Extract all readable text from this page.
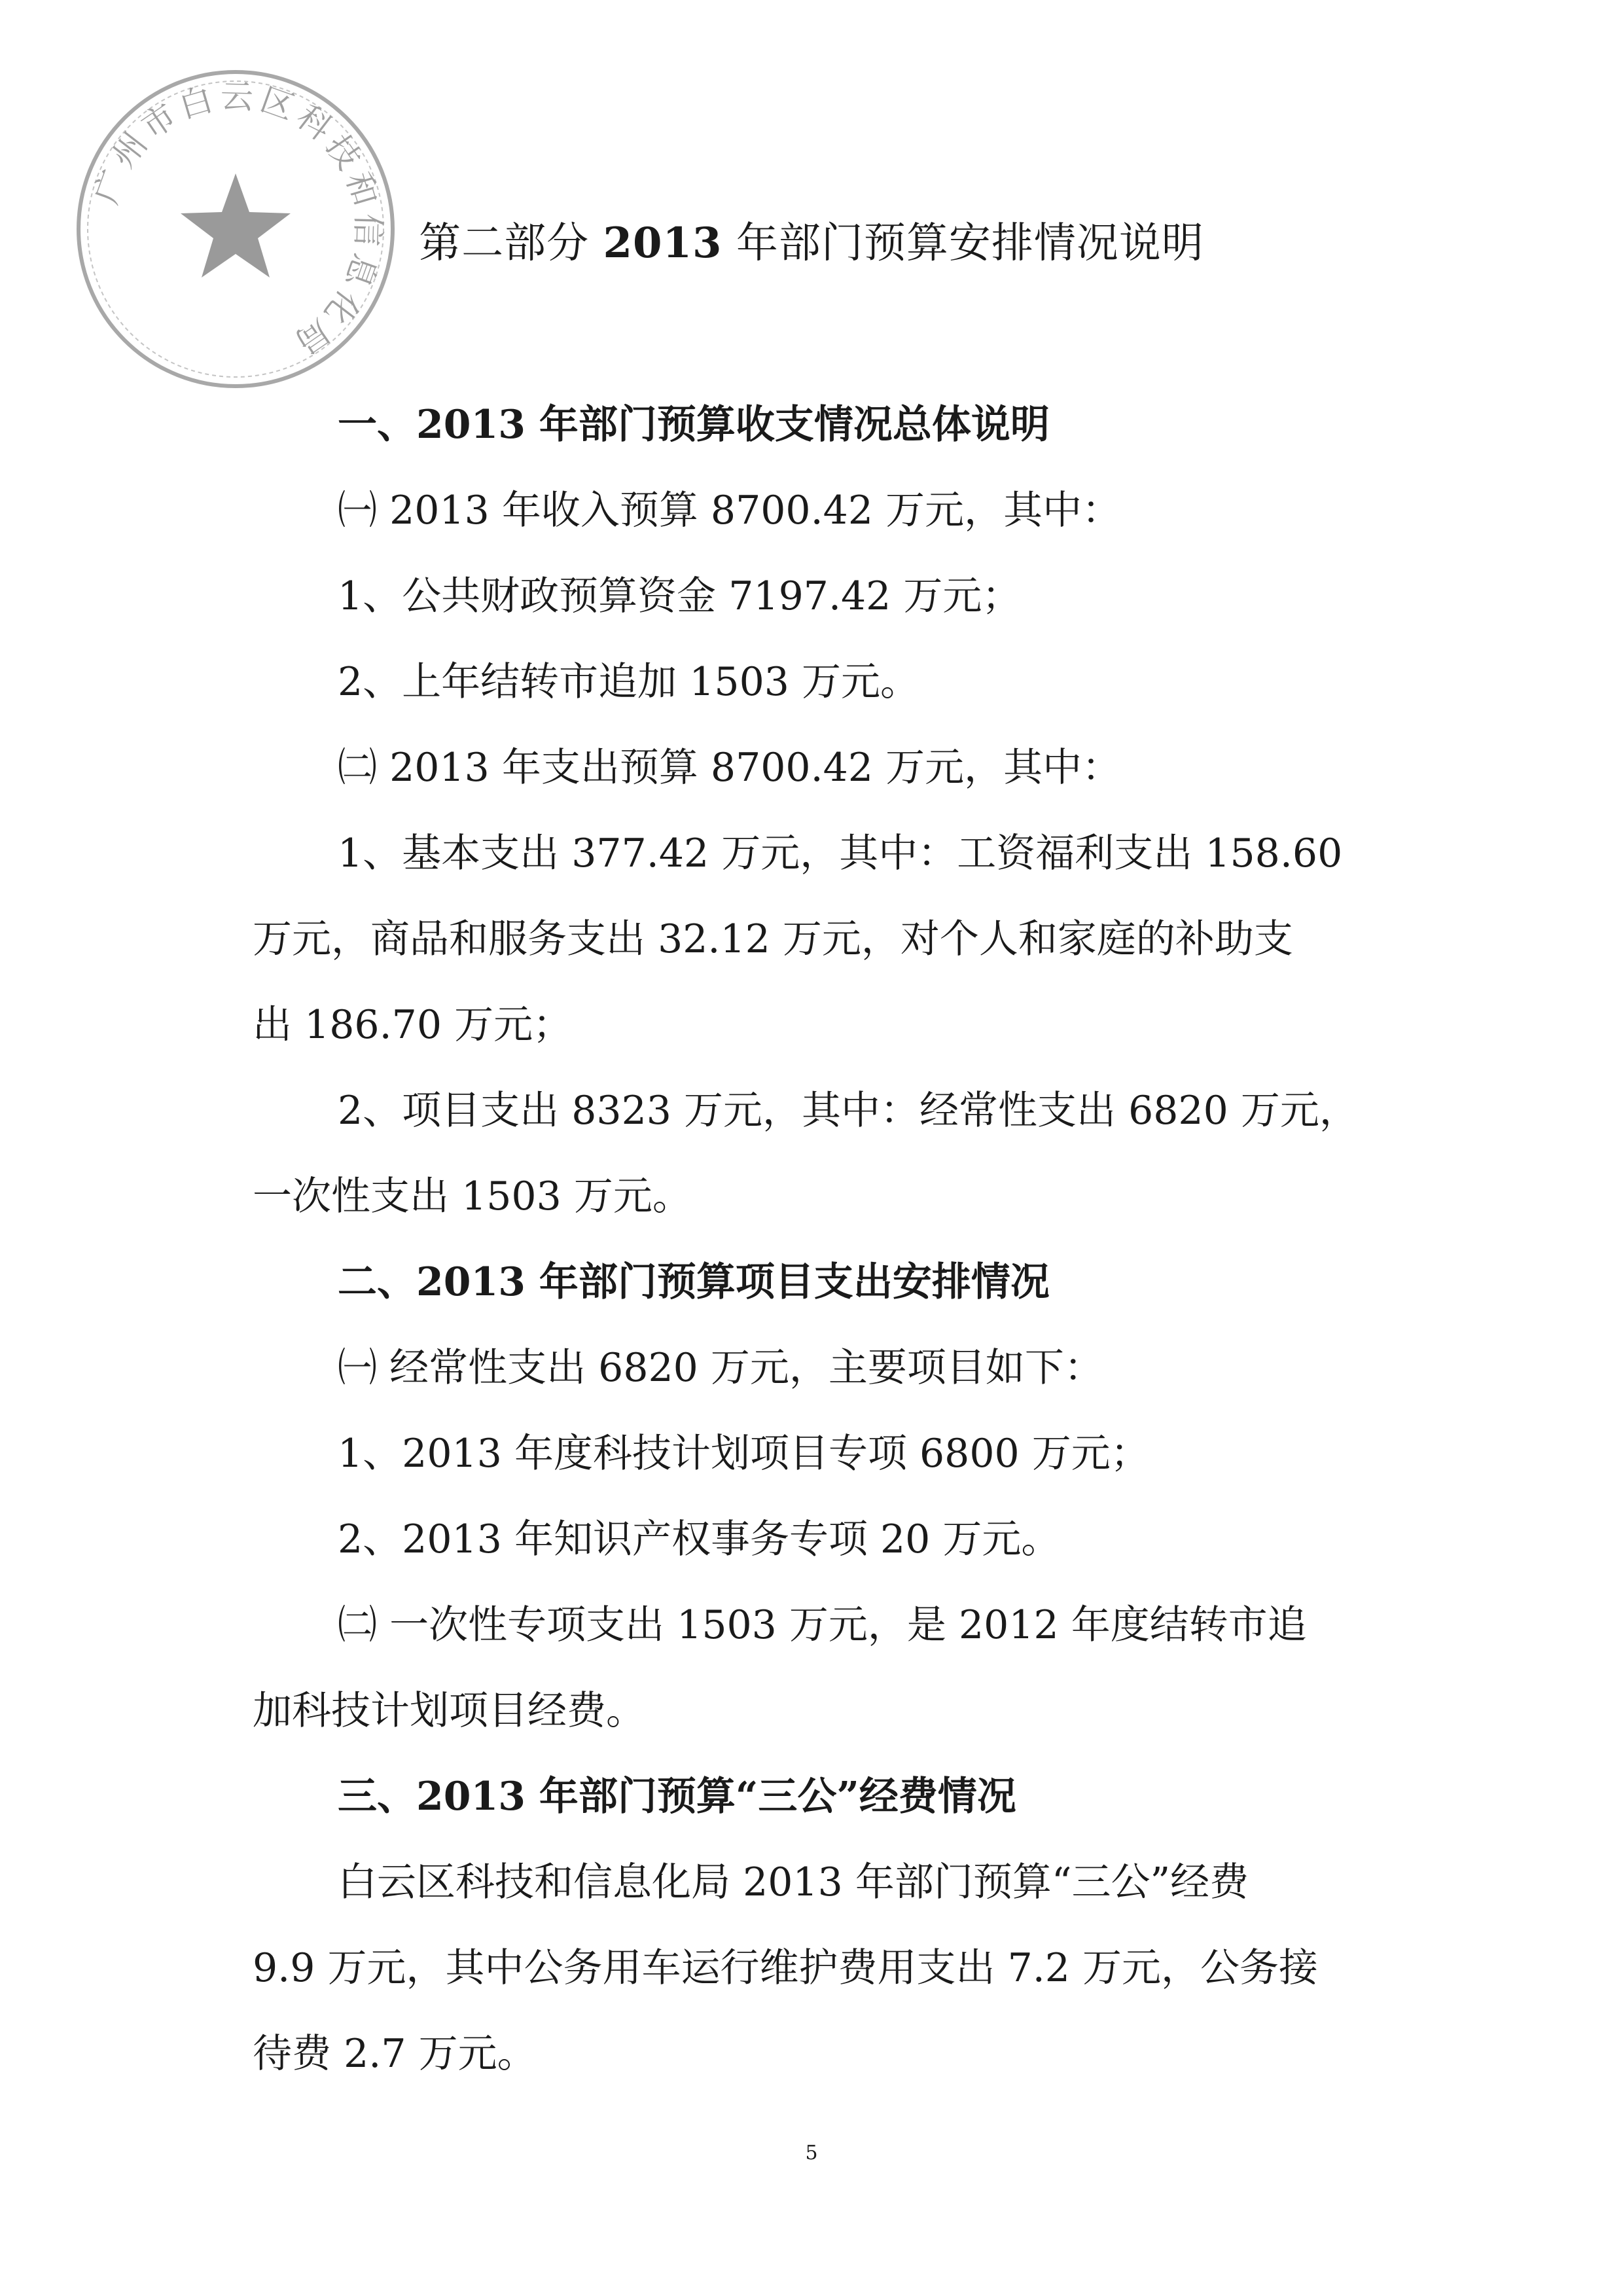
广州市白云区科技和信息化局
第二部分 2013 年部门预算安排情况说明
一、2013 年部门预算收支情况总体说明
㈠ 2013 年收入预算 8700.42 万元，其中：
1、公共财政预算资金 7197.42 万元；
2、上年结转市追加 1503 万元。
㈡ 2013 年支出预算 8700.42 万元，其中：
1、基本支出 377.42 万元，其中：工资福利支出 158.60
万元，商品和服务支出 32.12 万元，对个人和家庭的补助支
出 186.70 万元；
2、项目支出 8323 万元，其中：经常性支出 6820 万元，
一次性支出 1503 万元。
二、2013 年部门预算项目支出安排情况
㈠ 经常性支出 6820 万元，主要项目如下：
1、2013 年度科技计划项目专项 6800 万元；
2、2013 年知识产权事务专项 20 万元。
㈡ 一次性专项支出 1503 万元，是 2012 年度结转市追
加科技计划项目经费。
三、2013 年部门预算“三公”经费情况
白云区科技和信息化局 2013 年部门预算“三公”经费
9.9 万元，其中公务用车运行维护费用支出 7.2 万元，公务接
待费 2.7 万元。
5
